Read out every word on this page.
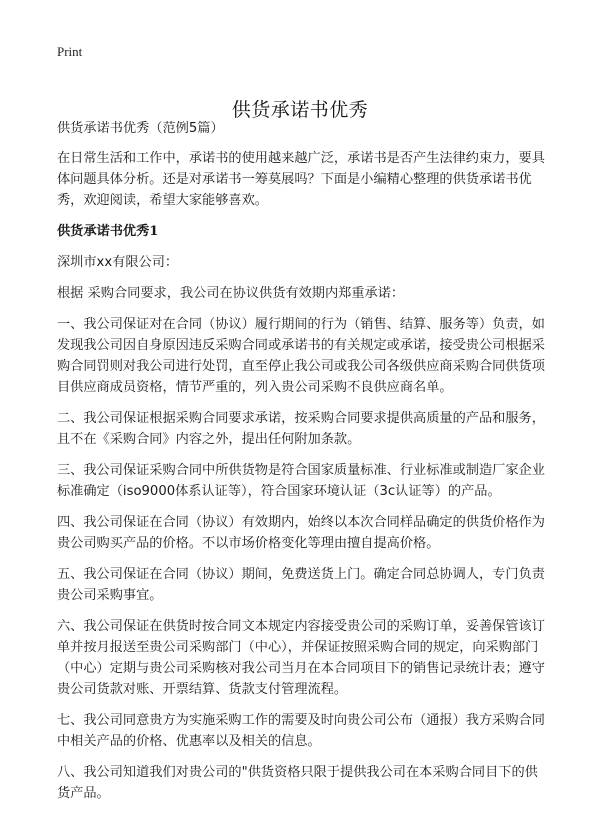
Print
供货承诺书优秀

供货承诺书优秀（范例5篇）

在日常生活和工作中，承诺书的使用越来越广泛，承诺书是否产生法律约束力，要具体问题具体分析。还是对承诺书一筹莫展吗？下面是小编精心整理的供货承诺书优秀，欢迎阅读，希望大家能够喜欢。

供货承诺书优秀1

深圳市xx有限公司：

根据 采购合同要求，我公司在协议供货有效期内郑重承诺：

一、我公司保证对在合同（协议）履行期间的行为（销售、结算、服务等）负责，如发现我公司因自身原因违反采购合同或承诺书的有关规定或承诺，接受贵公司根据采购合同罚则对我公司进行处罚，直至停止我公司或我公司各级供应商采购合同供货项目供应商成员资格，情节严重的，列入贵公司采购不良供应商名单。

二、我公司保证根据采购合同要求承诺，按采购合同要求提供高质量的产品和服务，且不在《采购合同》内容之外，提出任何附加条款。

三、我公司保证采购合同中所供货物是符合国家质量标准、行业标准或制造厂家企业标准确定（iso9000体系认证等），符合国家环境认证（3c认证等）的产品。

四、我公司保证在合同（协议）有效期内，始终以本次合同样品确定的供货价格作为贵公司购买产品的价格。不以市场价格变化等理由擅自提高价格。

五、我公司保证在合同（协议）期间，免费送货上门。确定合同总协调人，专门负责贵公司采购事宜。

六、我公司保证在供货时按合同文本规定内容接受贵公司的采购订单，妥善保管该订单并按月报送至贵公司采购部门（中心），并保证按照采购合同的规定，向采购部门（中心）定期与贵公司采购核对我公司当月在本合同项目下的销售记录统计表；遵守贵公司货款对账、开票结算、货款支付管理流程。

七、我公司同意贵方为实施采购工作的需要及时向贵公司公布（通报）我方采购合同中相关产品的价格、优惠率以及相关的信息。

八、我公司知道我们对贵公司的"供货资格只限于提供我公司在本采购合同目下的供货产品。
